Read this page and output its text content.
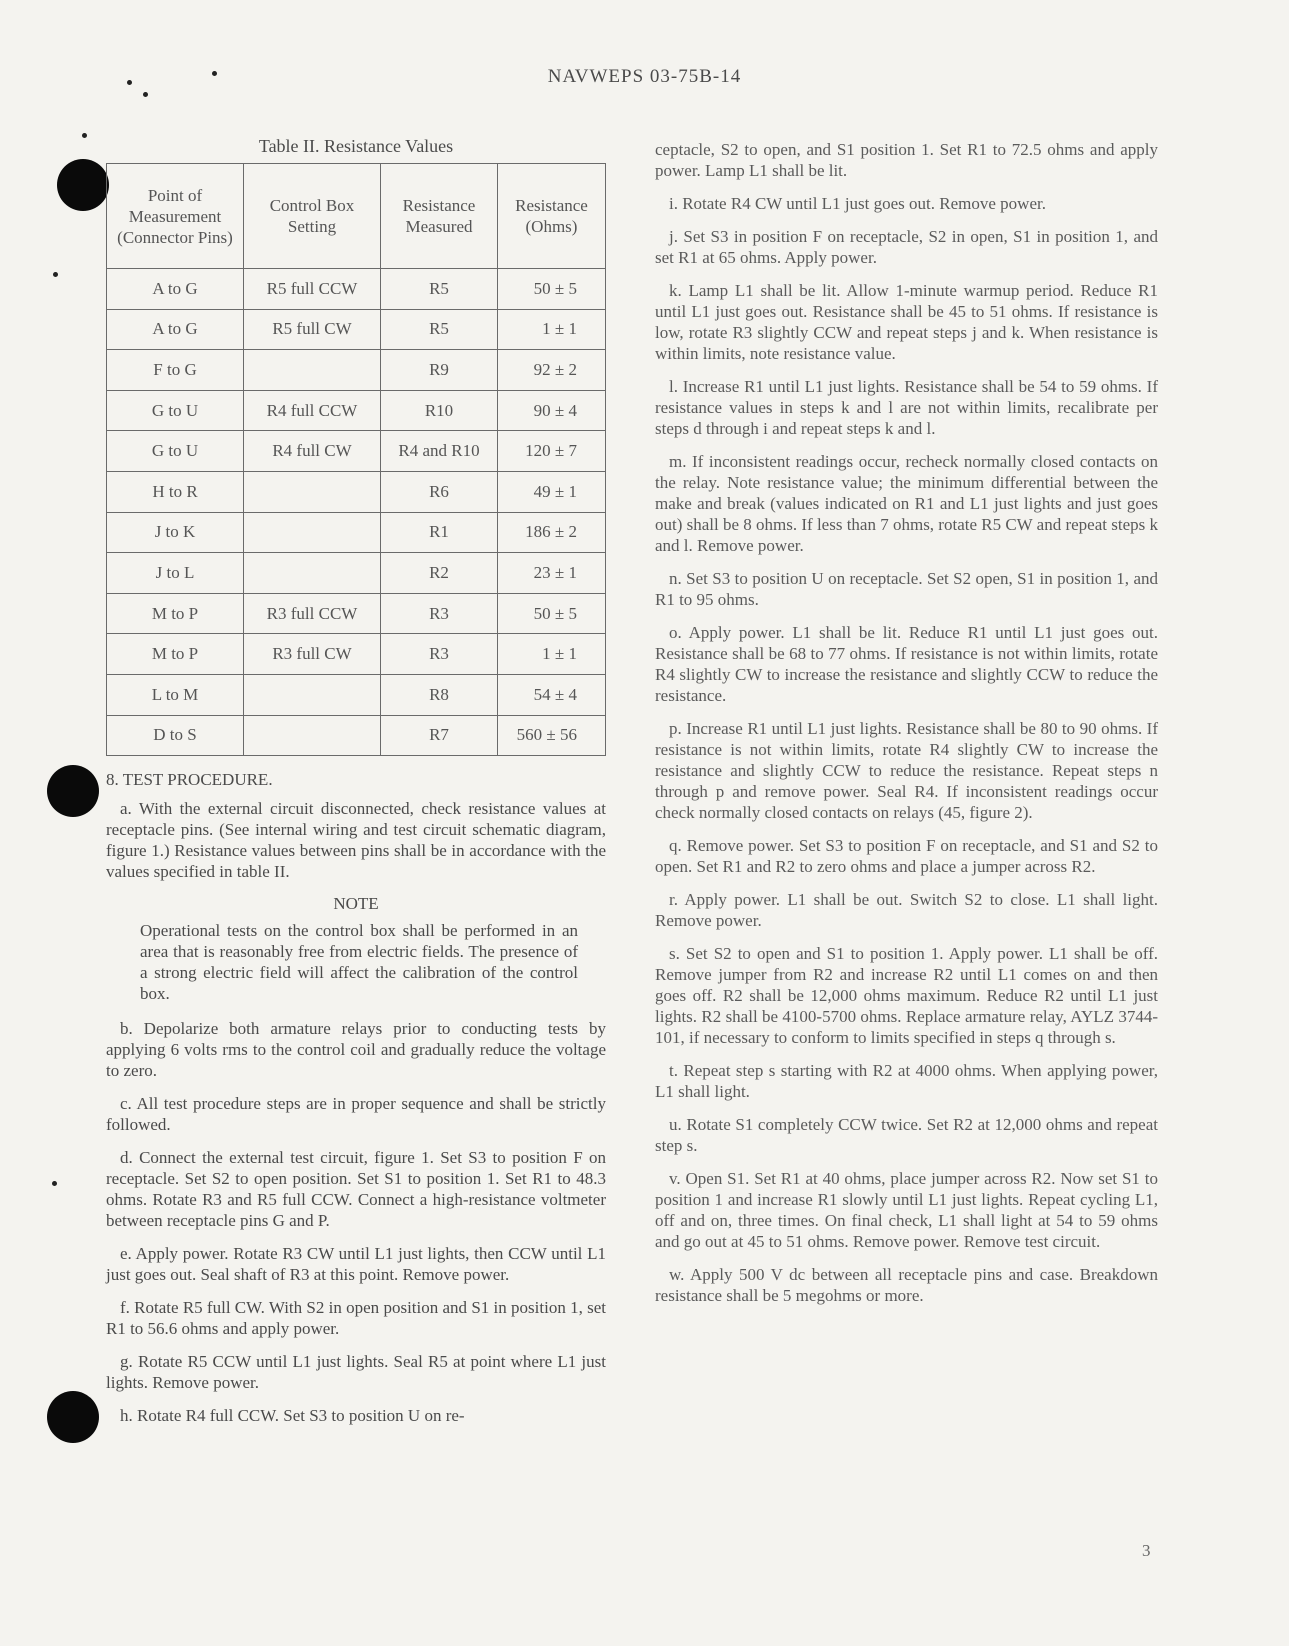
NAVWEPS 03-75B-14
Table II. Resistance Values
Point of Measurement (Connector Pins)	Control Box Setting	Resistance Measured	Resistance (Ohms)
A to G	R5 full CCW	R5	50 ± 5
A to G	R5 full CW	R5	1 ± 1
F to G		R9	92 ± 2
G to U	R4 full CCW	R10	90 ± 4
G to U	R4 full CW	R4 and R10	120 ± 7
H to R		R6	49 ± 1
J to K		R1	186 ± 2
J to L		R2	23 ± 1
M to P	R3 full CCW	R3	50 ± 5
M to P	R3 full CW	R3	1 ± 1
L to M		R8	54 ± 4
D to S		R7	560 ± 56
8. TEST PROCEDURE.

a. With the external circuit disconnected, check resistance values at receptacle pins. (See internal wiring and test circuit schematic diagram, figure 1.) Resistance values between pins shall be in accordance with the values specified in table II.

NOTE

Operational tests on the control box shall be performed in an area that is reasonably free from electric fields. The presence of a strong electric field will affect the calibration of the control box.

b. Depolarize both armature relays prior to conducting tests by applying 6 volts rms to the control coil and gradually reduce the voltage to zero.

c. All test procedure steps are in proper sequence and shall be strictly followed.

d. Connect the external test circuit, figure 1. Set S3 to position F on receptacle. Set S2 to open position. Set S1 to position 1. Set R1 to 48.3 ohms. Rotate R3 and R5 full CCW. Connect a high-resistance voltmeter between receptacle pins G and P.

e. Apply power. Rotate R3 CW until L1 just lights, then CCW until L1 just goes out. Seal shaft of R3 at this point. Remove power.

f. Rotate R5 full CW. With S2 in open position and S1 in position 1, set R1 to 56.6 ohms and apply power.

g. Rotate R5 CCW until L1 just lights. Seal R5 at point where L1 just lights. Remove power.

h. Rotate R4 full CCW. Set S3 to position U on re-

ceptacle, S2 to open, and S1 position 1. Set R1 to 72.5 ohms and apply power. Lamp L1 shall be lit.

i. Rotate R4 CW until L1 just goes out. Remove power.

j. Set S3 in position F on receptacle, S2 in open, S1 in position 1, and set R1 at 65 ohms. Apply power.

k. Lamp L1 shall be lit. Allow 1-minute warmup period. Reduce R1 until L1 just goes out. Resistance shall be 45 to 51 ohms. If resistance is low, rotate R3 slightly CCW and repeat steps j and k. When resistance is within limits, note resistance value.

l. Increase R1 until L1 just lights. Resistance shall be 54 to 59 ohms. If resistance values in steps k and l are not within limits, recalibrate per steps d through i and repeat steps k and l.

m. If inconsistent readings occur, recheck normally closed contacts on the relay. Note resistance value; the minimum differential between the make and break (values indicated on R1 and L1 just lights and just goes out) shall be 8 ohms. If less than 7 ohms, rotate R5 CW and repeat steps k and l. Remove power.

n. Set S3 to position U on receptacle. Set S2 open, S1 in position 1, and R1 to 95 ohms.

o. Apply power. L1 shall be lit. Reduce R1 until L1 just goes out. Resistance shall be 68 to 77 ohms. If resistance is not within limits, rotate R4 slightly CW to increase the resistance and slightly CCW to reduce the resistance.

p. Increase R1 until L1 just lights. Resistance shall be 80 to 90 ohms. If resistance is not within limits, rotate R4 slightly CW to increase the resistance and slightly CCW to reduce the resistance. Repeat steps n through p and remove power. Seal R4. If inconsistent readings occur check normally closed contacts on relays (45, figure 2).

q. Remove power. Set S3 to position F on receptacle, and S1 and S2 to open. Set R1 and R2 to zero ohms and place a jumper across R2.

r. Apply power. L1 shall be out. Switch S2 to close. L1 shall light. Remove power.

s. Set S2 to open and S1 to position 1. Apply power. L1 shall be off. Remove jumper from R2 and increase R2 until L1 comes on and then goes off. R2 shall be 12,000 ohms maximum. Reduce R2 until L1 just lights. R2 shall be 4100-5700 ohms. Replace armature relay, AYLZ 3744-101, if necessary to conform to limits specified in steps q through s.

t. Repeat step s starting with R2 at 4000 ohms. When applying power, L1 shall light.

u. Rotate S1 completely CCW twice. Set R2 at 12,000 ohms and repeat step s.

v. Open S1. Set R1 at 40 ohms, place jumper across R2. Now set S1 to position 1 and increase R1 slowly until L1 just lights. Repeat cycling L1, off and on, three times. On final check, L1 shall light at 54 to 59 ohms and go out at 45 to 51 ohms. Remove power. Remove test circuit.

w. Apply 500 V dc between all receptacle pins and case. Breakdown resistance shall be 5 megohms or more.

3
